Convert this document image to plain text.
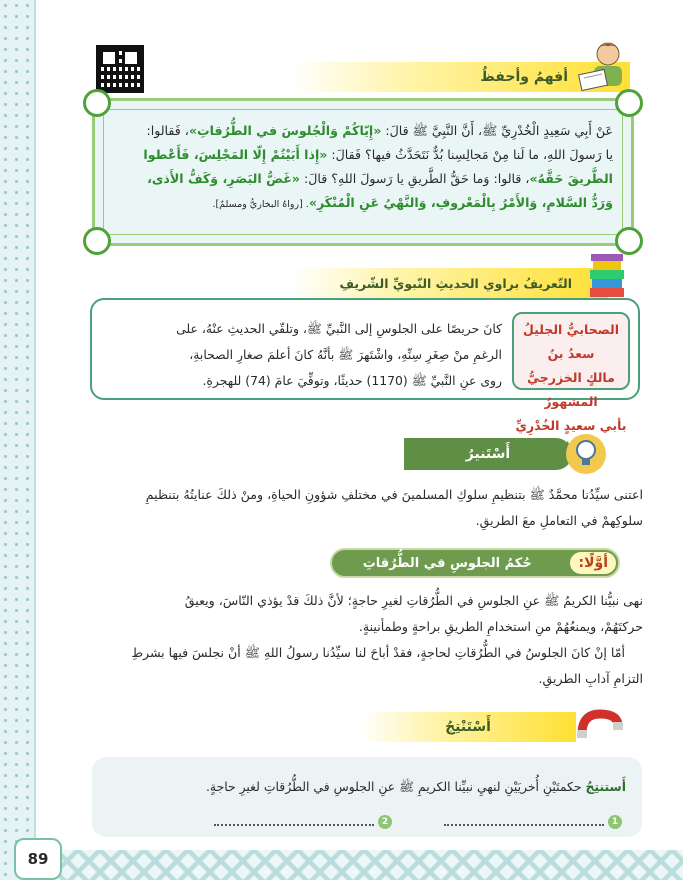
89
أفهمُ وأحفظُ
عَنْ أَبِي سَعِيدٍ الْخُدْرِيِّ ﷺ، أَنَّ النَّبِيَّ ﷺ قالَ: «إِيّاكُمْ وَالْجُلوسَ في الطُّرُقاتِ»، فَقالوا:
يا رَسولَ اللهِ، ما لَنا مِنْ مَجالِسِنا بُدٌّ نَتَحَدَّثُ فيها؟ فَقالَ: «إِذا أَبَيْتُمْ إِلّا المَجْلِسَ، فَأَعْطوا
الطَّريقَ حَقَّهُ»، قالوا: وَما حَقُّ الطَّريقِ يا رَسولَ اللهِ؟ قالَ: «غَضُّ البَصَرِ، وَكَفُّ الأَذى،
وَرَدُّ السَّلامِ، وَالأَمْرُ بِالْمَعْروفِ، وَالنَّهْيُ عَنِ الْمُنْكَرِ». [رواهُ البخاريُّ ومسلمٌ].
التّعريفُ براوي الحديثِ النّبويِّ الشّريفِ
الصحابيُّ الجليلُ سعدُ بنُ
مالكٍ الخزرجيُّ المشهورُ
بأبي سعيدٍ الخُدْرِيِّ
كانَ حريصًا على الجلوسِ إلى النَّبيِّ ﷺ، وتلقّي الحديثِ عنْهُ، على
الرغمِ منْ صِغَرِ سِنِّهِ، واشْتَهرَ ﷺ بأنَّهُ كانَ أعلمَ صغارِ الصحابةِ،
روى عنِ النَّبيِّ ﷺ (1170) حديثًا، وتوفِّيَ عامَ (74) للهجرةِ.
أَسْتَنيرُ
اعتنى سيِّدُنا محمَّدٌ ﷺ بتنظيمِ سلوكِ المسلمينَ في مختلفِ شؤونِ الحياةِ، ومنْ ذلكَ عنايتُهُ بتنظيمِ
سلوكِهمْ في التعاملِ معَ الطريقِ.
أوَّلًا:
حُكمُ الجلوسِ في الطُّرُقاتِ
نهى نبيُّنا الكريمُ ﷺ عنِ الجلوسِ في الطُّرُقاتِ لغيرِ حاجةٍ؛ لأنَّ ذلكَ قدْ يؤذي النّاسَ، ويعيقُ
حركتَهُمْ، ويمنعُهُمْ منِ استخدامِ الطريقِ براحةٍ وطمأنينةٍ.
أمّا إنْ كانَ الجلوسُ في الطُّرُقاتِ لحاجةٍ، فقدْ أباحَ لنا سيِّدُنا رسولُ اللهِ ﷺ أنْ نجلسَ فيها بشرطِ
التزامِ آدابِ الطريقِ.
أَسْتَنْتِجُ
أَستنتِجُ حكمتَيْنِ أُخريَيْنِ لنهيِ نبيِّنا الكريمِ ﷺ عنِ الجلوسِ في الطُّرُقاتِ لغيرِ حاجةٍ.
1
2
